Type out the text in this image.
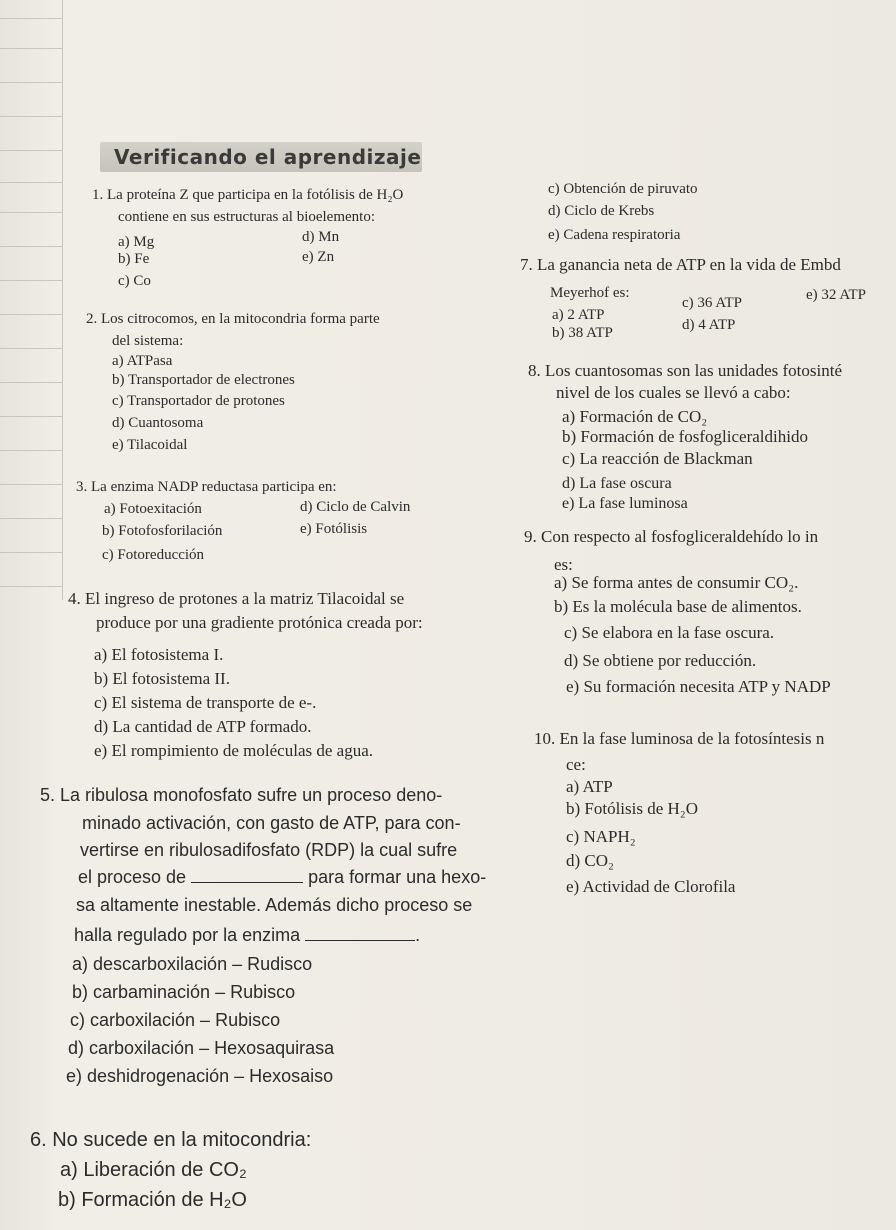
Verificando el aprendizaje
1. La proteína Z que participa en la fotólisis de H₂O
contiene en sus estructuras al bioelemento:
a) Mg	d) Mn
b) Fe	e) Zn
c) Co
2. Los citrocomos, en la mitocondria forma parte
del sistema:
a) ATPasa
b) Transportador de electrones
c) Transportador de protones
d) Cuantosoma
e) Tilacoidal
3. La enzima NADP reductasa participa en:
a) Fotoexitación	d) Ciclo de Calvin
b) Fotofosforilación	e) Fotólisis
c) Fotoreducción
4. El ingreso de protones a la matriz Tilacoidal se
produce por una gradiente protónica creada por:
a) El fotosistema I.
b) El fotosistema II.
c) El sistema de transporte de e-.
d) La cantidad de ATP formado.
e) El rompimiento de moléculas de agua.
5. La ribulosa monofosfato sufre un proceso deno-
minado activación, con gasto de ATP, para con-
vertirse en ribulosadifosfato (RDP) la cual sufre
el proceso de	para formar una hexo-
sa altamente inestable. Además dicho proceso se
halla regulado por la enzima	.
a) descarboxilación – Rudisco
b) carbaminación – Rubisco
c) carboxilación – Rubisco
d) carboxilación – Hexosaquirasa
e) deshidrogenación – Hexosaiso
6. No sucede en la mitocondria:
a) Liberación de CO₂
b) Formación de H₂O
c) Obtención de piruvato
d) Ciclo de Krebs
e) Cadena respiratoria
7. La ganancia neta de ATP en la vida de Embd
Meyerhof es:
a) 2 ATP
c) 36 ATP	e) 32 ATP
b) 38 ATP	d) 4 ATP
8. Los cuantosomas son las unidades fotosinté
nivel de los cuales se llevó a cabo:
a) Formación de CO₂
b) Formación de fosfogliceraldihido
c) La reacción de Blackman
d) La fase oscura
e) La fase luminosa
9. Con respecto al fosfogliceraldehído lo in
es:
a) Se forma antes de consumir CO₂.
b) Es la molécula base de alimentos.
c) Se elabora en la fase oscura.
d) Se obtiene por reducción.
e) Su formación necesita ATP y NADP
10. En la fase luminosa de la fotosíntesis n
ce:
a) ATP
b) Fotólisis de H₂O
c) NAPH₂
d) CO₂
e) Actividad de Clorofila
